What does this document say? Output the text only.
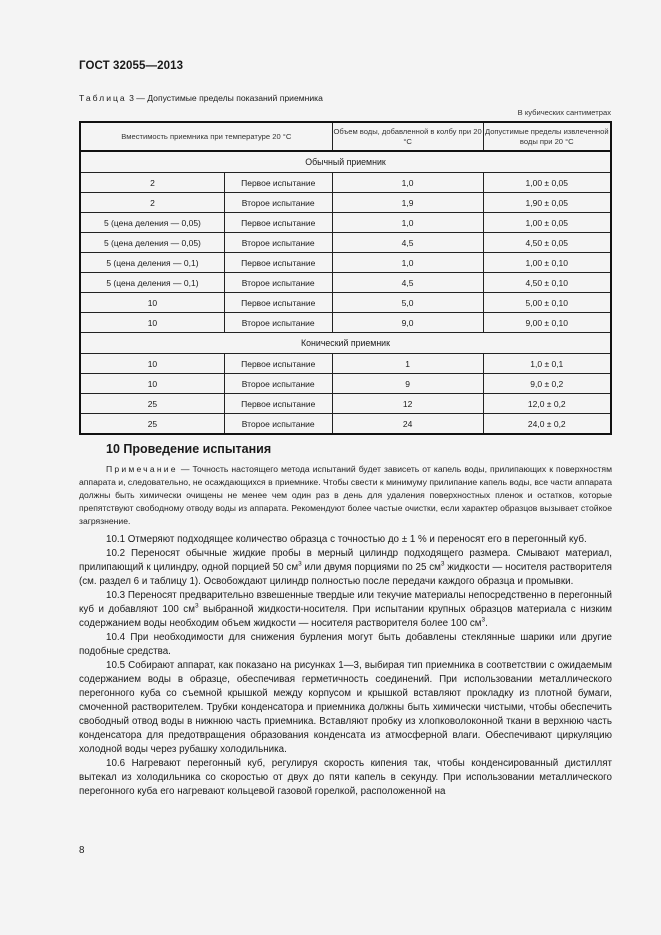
ГОСТ 32055—2013
Таблица 3 — Допустимые пределы показаний приемника
В кубических сантиметрах
Вместимость приемника при температуре 20 °С		Объем воды, добавленной в колбу при 20 °С	Допустимые пределы извлеченной воды при 20 °С
Обычный приемник			
2	Первое испытание	1,0	1,00 ± 0,05
2	Второе испытание	1,9	1,90 ± 0,05
5 (цена деления — 0,05)	Первое испытание	1,0	1,00 ± 0,05
5 (цена деления — 0,05)	Второе испытание	4,5	4,50 ± 0,05
5 (цена деления — 0,1)	Первое испытание	1,0	1,00 ± 0,10
5 (цена деления — 0,1)	Второе испытание	4,5	4,50 ± 0,10
10	Первое испытание	5,0	5,00 ± 0,10
10	Второе испытание	9,0	9,00 ± 0,10
Конический приемник			
10	Первое испытание	1	1,0 ± 0,1
10	Второе испытание	9	9,0 ± 0,2
25	Первое испытание	12	12,0 ± 0,2
25	Второе испытание	24	24,0 ± 0,2
10 Проведение испытания

Примечание — Точность настоящего метода испытаний будет зависеть от капель воды, прилипающих к поверхностям аппарата и, следовательно, не осаждающихся в приемнике. Чтобы свести к минимуму прилипание капель воды, все части аппарата должны быть химически очищены не менее чем один раз в день для удаления поверхностных пленок и остатков, которые препятствуют свободному отводу воды из аппарата. Рекомендуют более частые очистки, если характер образцов вызывает стойкое загрязнение.

10.1 Отмеряют подходящее количество образца с точностью до ± 1 % и переносят его в перегонный куб.

10.2 Переносят обычные жидкие пробы в мерный цилиндр подходящего размера. Смывают материал, прилипающий к цилиндру, одной порцией 50 $см^3$ или двумя порциями по 25 $см^3$ жидкости — носителя растворителя (см. раздел 6 и таблицу 1). Освобождают цилиндр полностью после передачи каждого образца и промывки.

10.3 Переносят предварительно взвешенные твердые или текучие материалы непосредственно в перегонный куб и добавляют 100 $см^3$ выбранной жидкости-носителя. При испытании крупных образцов материала с низким содержанием воды необходим объем жидкости — носителя растворителя более 100 $см^3$.

10.4 При необходимости для снижения бурления могут быть добавлены стеклянные шарики или другие подобные средства.

10.5 Собирают аппарат, как показано на рисунках 1—3, выбирая тип приемника в соответствии с ожидаемым содержанием воды в образце, обеспечивая герметичность соединений. При использовании металлического перегонного куба со съемной крышкой между корпусом и крышкой вставляют прокладку из плотной бумаги, смоченной растворителем. Трубки конденсатора и приемника должны быть химически чистыми, чтобы обеспечить свободный отвод воды в нижнюю часть приемника. Вставляют пробку из хлопковолоконной ткани в верхнюю часть конденсатора для предотвращения образования конденсата из атмосферной влаги. Обеспечивают циркуляцию холодной воды через рубашку холодильника.

10.6 Нагревают перегонный куб, регулируя скорость кипения так, чтобы конденсированный дистиллят вытекал из холодильника со скоростью от двух до пяти капель в секунду. При использовании металлического перегонного куба его нагревают кольцевой газовой горелкой, расположенной на

8
